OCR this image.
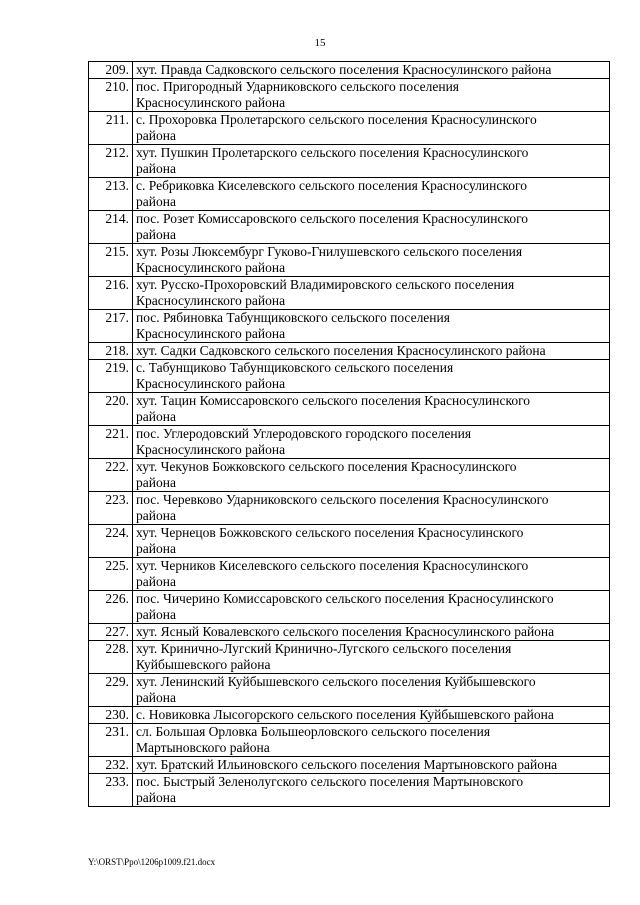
15
209.	хут. Правда Садковского сельского поселения Красносулинского района

210.	пос. Пригородный Ударниковского сельского поселения
Красносулинского района

211.	с. Прохоровка Пролетарского сельского поселения Красносулинского
района

212.	хут. Пушкин Пролетарского сельского поселения Красносулинского
района

213.	с. Ребриковка Киселевского сельского поселения Красносулинского
района

214.	пос. Розет Комиссаровского сельского поселения Красносулинского
района

215.	хут. Розы Люксембург Гуково-Гнилушевского сельского поселения
Красносулинского района

216.	хут. Русско-Прохоровский Владимировского сельского поселения
Красносулинского района

217.	пос. Рябиновка Табунщиковского сельского поселения
Красносулинского района

218.	хут. Садки Садковского сельского поселения Красносулинского района

219.	с. Табунщиково Табунщиковского сельского поселения
Красносулинского района

220.	хут. Тацин Комиссаровского сельского поселения Красносулинского
района

221.	пос. Углеродовский Углеродовского городского поселения
Красносулинского района

222.	хут. Чекунов Божковского сельского поселения Красносулинского
района

223.	пос. Черевково Ударниковского сельского поселения Красносулинского
района

224.	хут. Чернецов Божковского сельского поселения Красносулинского
района

225.	хут. Черников Киселевского сельского поселения Красносулинского
района

226.	пос. Чичерино Комиссаровского сельского поселения Красносулинского
района

227.	хут. Ясный Ковалевского сельского поселения Красносулинского района

228.	хут. Кринично-Лугский Кринично-Лугского сельского поселения
Куйбышевского района

229.	хут. Ленинский Куйбышевского сельского поселения Куйбышевского
района

230.	с. Новиковка Лысогорского сельского поселения Куйбышевского района

231.	сл. Большая Орловка Большеорловского сельского поселения
Мартыновского района

232.	хут. Братский Ильиновского сельского поселения Мартыновского района

233.	пос. Быстрый Зеленолугского сельского поселения Мартыновского
района
Y:\ORST\Ppo\1206p1009.f21.docx
